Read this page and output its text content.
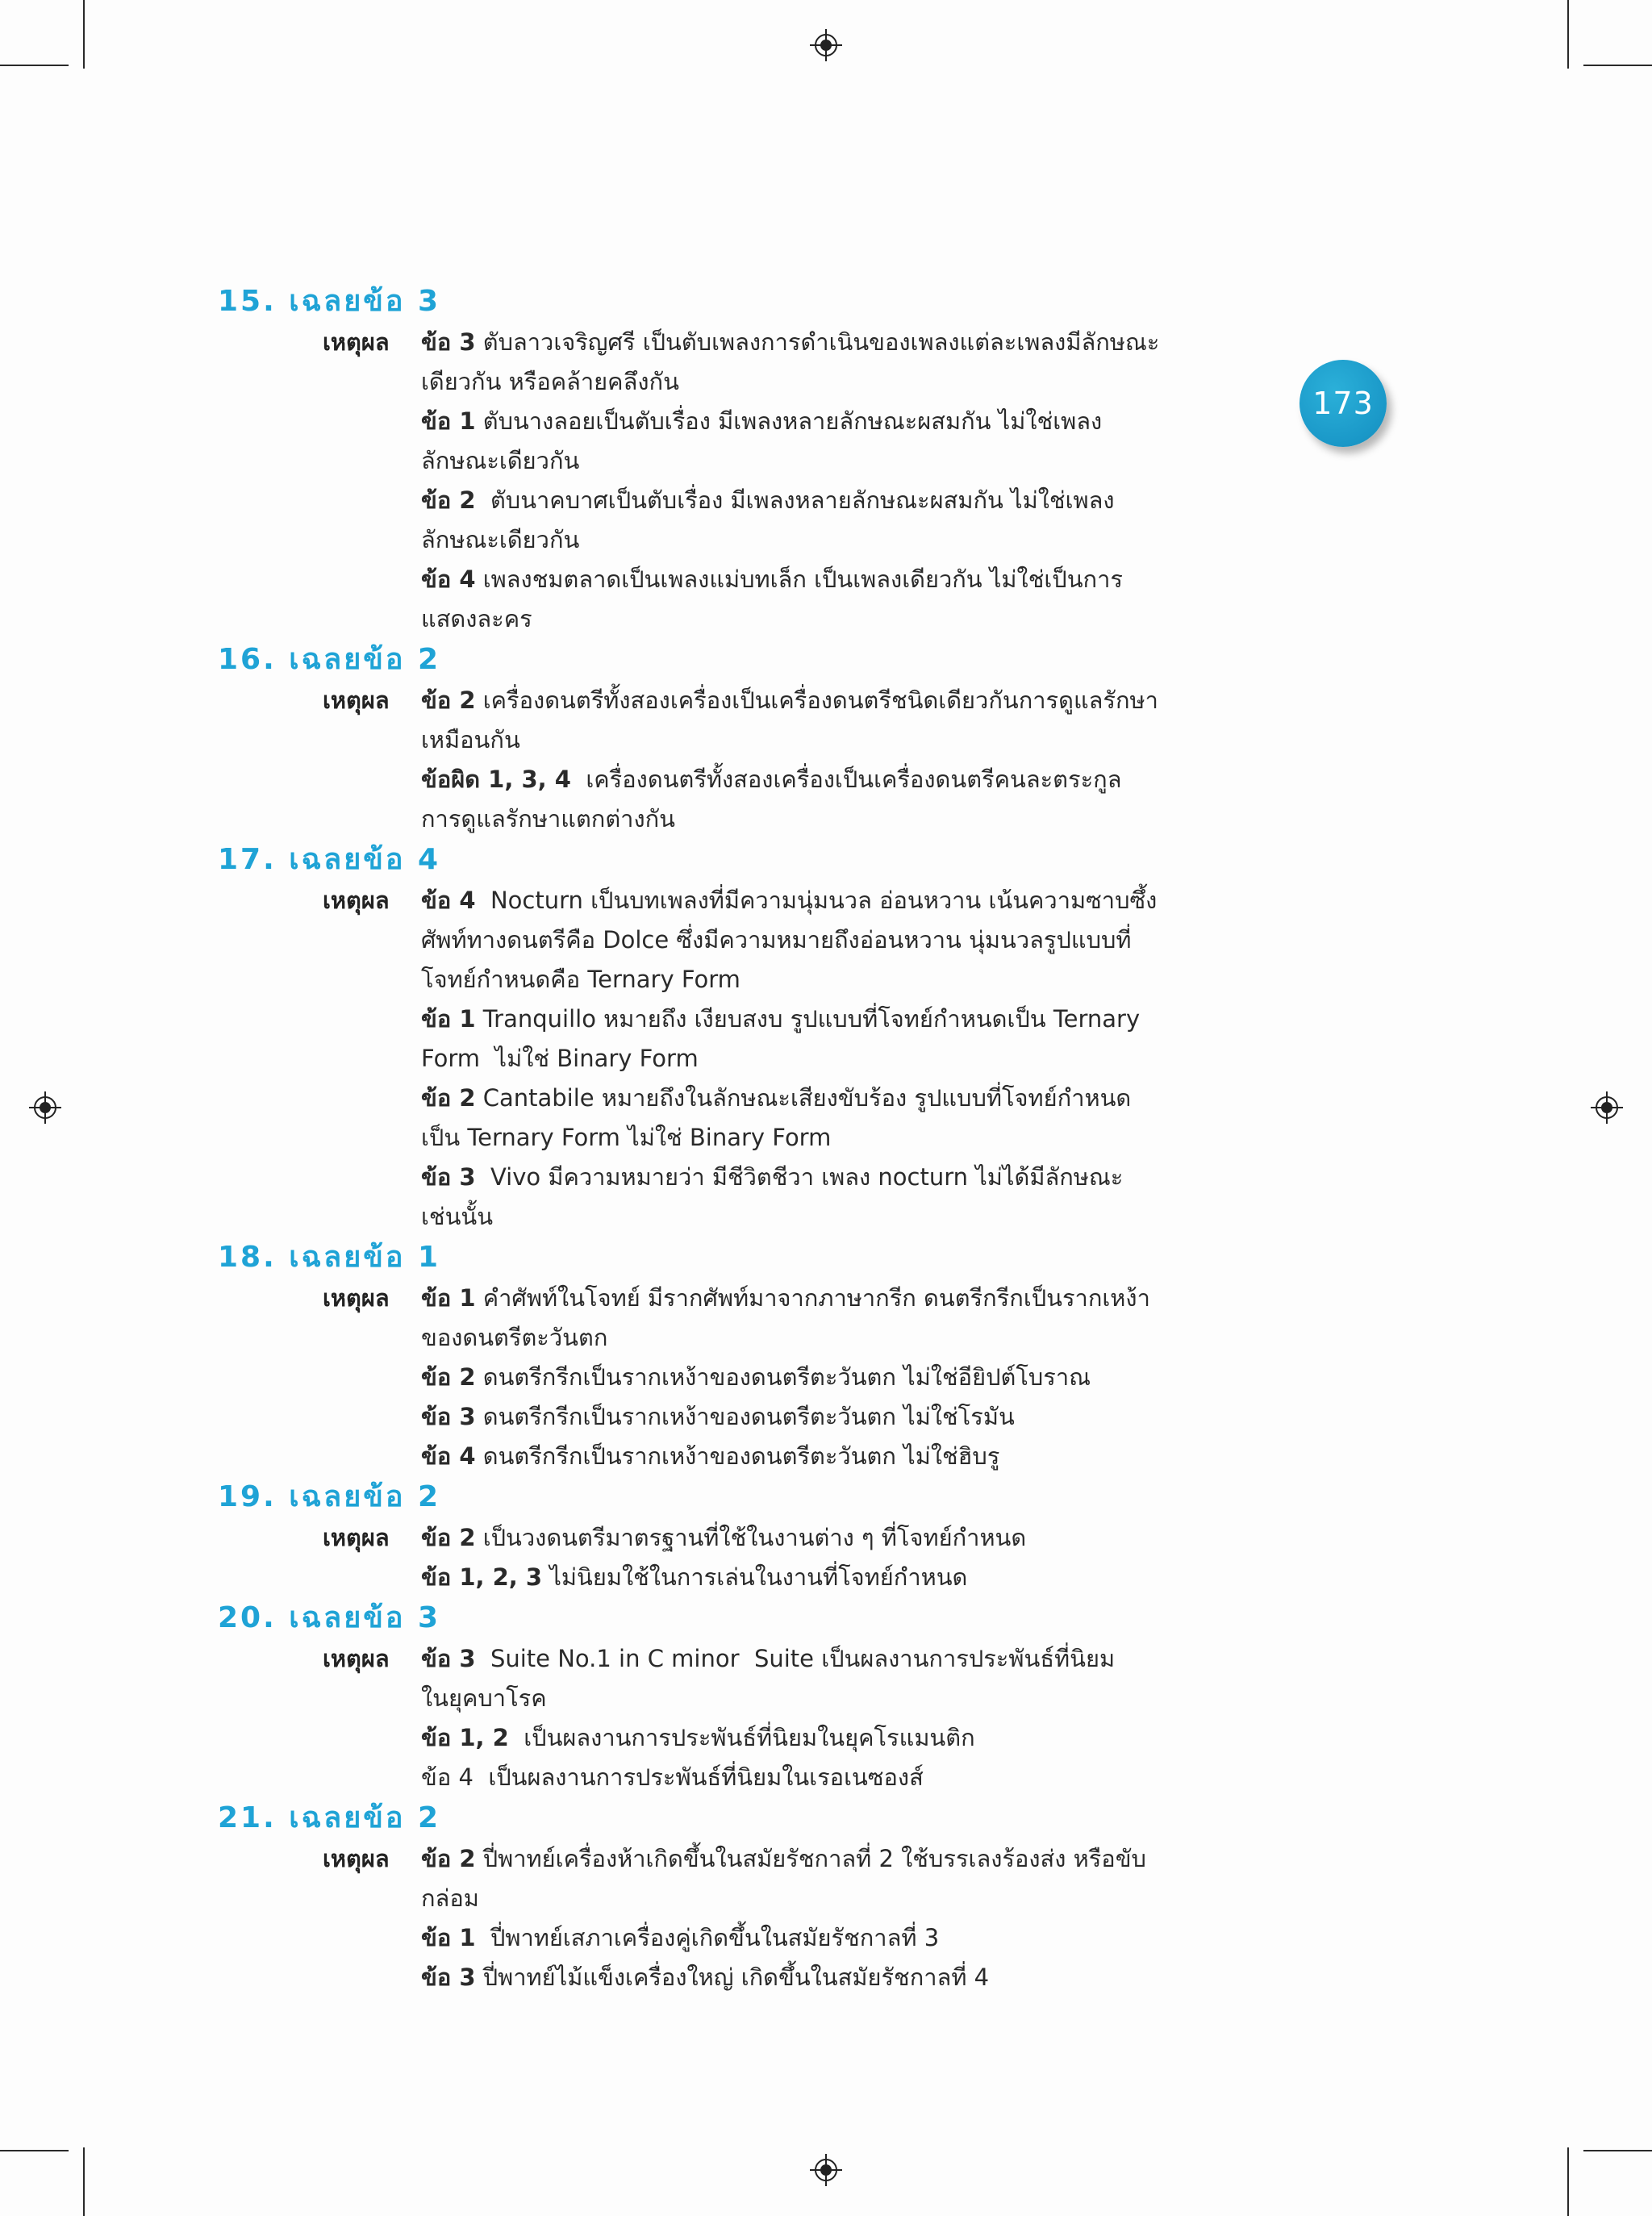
173
15. เฉลยข้อ 3
เหตุผล	ข้อ 3 ตับลาวเจริญศรี เป็นตับเพลงการดำเนินของเพลงแต่ละเพลงมีลักษณะ
เดียวกัน หรือคล้ายคลึงกัน
ข้อ 1 ตับนางลอยเป็นตับเรื่อง มีเพลงหลายลักษณะผสมกัน ไม่ใช่เพลง
ลักษณะเดียวกัน
ข้อ 2  ตับนาคบาศเป็นตับเรื่อง มีเพลงหลายลักษณะผสมกัน ไม่ใช่เพลง
ลักษณะเดียวกัน
ข้อ 4 เพลงชมตลาดเป็นเพลงแม่บทเล็ก เป็นเพลงเดียวกัน ไม่ใช่เป็นการ
แสดงละคร
16. เฉลยข้อ 2
เหตุผล	ข้อ 2 เครื่องดนตรีทั้งสองเครื่องเป็นเครื่องดนตรีชนิดเดียวกันการดูแลรักษา
เหมือนกัน
ข้อผิด 1, 3, 4  เครื่องดนตรีทั้งสองเครื่องเป็นเครื่องดนตรีคนละตระกูล
การดูแลรักษาแตกต่างกัน
17. เฉลยข้อ 4
เหตุผล	ข้อ 4  Nocturn เป็นบทเพลงที่มีความนุ่มนวล อ่อนหวาน เน้นความซาบซึ้ง
ศัพท์ทางดนตรีคือ Dolce ซึ่งมีความหมายถึงอ่อนหวาน นุ่มนวลรูปแบบที่
โจทย์กำหนดคือ Ternary Form
ข้อ 1 Tranquillo หมายถึง เงียบสงบ รูปแบบที่โจทย์กำหนดเป็น Ternary
Form  ไม่ใช่ Binary Form
ข้อ 2 Cantabile หมายถึงในลักษณะเสียงขับร้อง รูปแบบที่โจทย์กำหนด
เป็น Ternary Form ไม่ใช่ Binary Form
ข้อ 3  Vivo มีความหมายว่า มีชีวิตชีวา เพลง nocturn ไม่ได้มีลักษณะ
เช่นนั้น
18. เฉลยข้อ 1
เหตุผล	ข้อ 1 คำศัพท์ในโจทย์ มีรากศัพท์มาจากภาษากรีก ดนตรีกรีกเป็นรากเหง้า
ของดนตรีตะวันตก
ข้อ 2 ดนตรีกรีกเป็นรากเหง้าของดนตรีตะวันตก ไม่ใช่อียิปต์โบราณ
ข้อ 3 ดนตรีกรีกเป็นรากเหง้าของดนตรีตะวันตก ไม่ใช่โรมัน
ข้อ 4 ดนตรีกรีกเป็นรากเหง้าของดนตรีตะวันตก ไม่ใช่ฮิบรู
19. เฉลยข้อ 2
เหตุผล	ข้อ 2 เป็นวงดนตรีมาตรฐานที่ใช้ในงานต่าง ๆ ที่โจทย์กำหนด
ข้อ 1, 2, 3 ไม่นิยมใช้ในการเล่นในงานที่โจทย์กำหนด
20. เฉลยข้อ 3
เหตุผล	ข้อ 3  Suite No.1 in C minor  Suite เป็นผลงานการประพันธ์ที่นิยม
ในยุคบาโรค
ข้อ 1, 2  เป็นผลงานการประพันธ์ที่นิยมในยุคโรแมนติก
ข้อ 4  เป็นผลงานการประพันธ์ที่นิยมในเรอเนซองส์
21. เฉลยข้อ 2
เหตุผล	ข้อ 2 ปี่พาทย์เครื่องห้าเกิดขึ้นในสมัยรัชกาลที่ 2 ใช้บรรเลงร้องส่ง หรือขับ
กล่อม
ข้อ 1  ปี่พาทย์เสภาเครื่องคู่เกิดขึ้นในสมัยรัชกาลที่ 3
ข้อ 3 ปี่พาทย์ไม้แข็งเครื่องใหญ่ เกิดขึ้นในสมัยรัชกาลที่ 4
